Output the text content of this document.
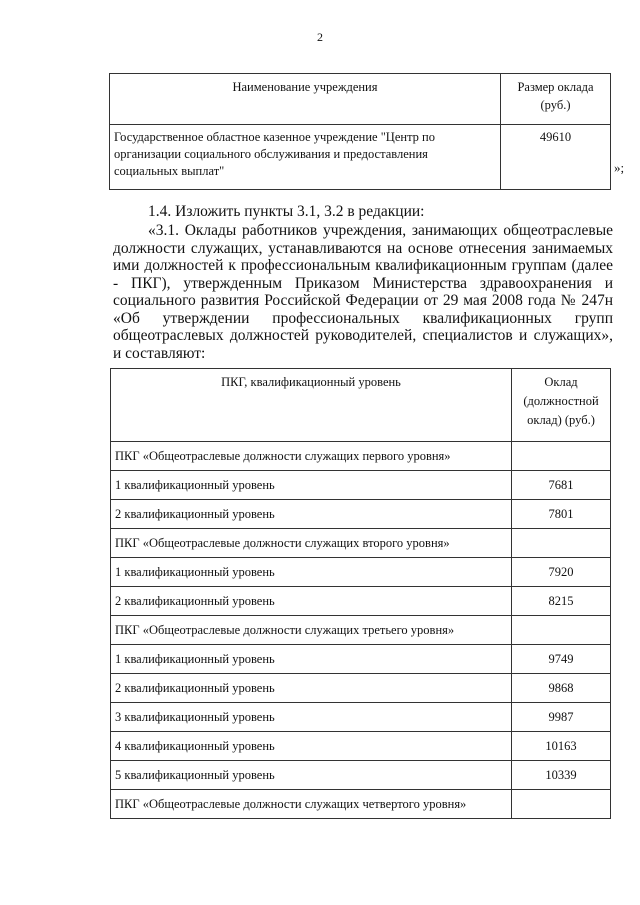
2
Наименование учреждения	Размер оклада
(руб.)

Государственное областное казенное учреждение "Центр по
организации социального обслуживания и предоставления
социальных выплат"	49610
»;
1.4. Изложить пункты 3.1, 3.2 в редакции:
«3.1. Оклады работников учреждения, занимающих общеотраслевые должности служащих, устанавливаются на основе отнесения занимаемых ими должностей к профессиональным квалификационным группам (далее - ПКГ), утвержденным Приказом Министерства здравоохранения и социального развития Российской Федерации от 29 мая 2008 года № 247н «Об утверждении профессиональных квалификационных групп общеотраслевых должностей руководителей, специалистов и служащих», и составляют:
ПКГ, квалификационный уровень	Оклад
(должностной
оклад) (руб.)

ПКГ «Общеотраслевые должности служащих первого уровня»	
1 квалификационный уровень	7681
2 квалификационный уровень	7801
ПКГ «Общеотраслевые должности служащих второго уровня»	
1 квалификационный уровень	7920
2 квалификационный уровень	8215
ПКГ «Общеотраслевые должности служащих третьего уровня»	
1 квалификационный уровень	9749
2 квалификационный уровень	9868
3 квалификационный уровень	9987
4 квалификационный уровень	10163
5 квалификационный уровень	10339
ПКГ «Общеотраслевые должности служащих четвертого уровня»	
